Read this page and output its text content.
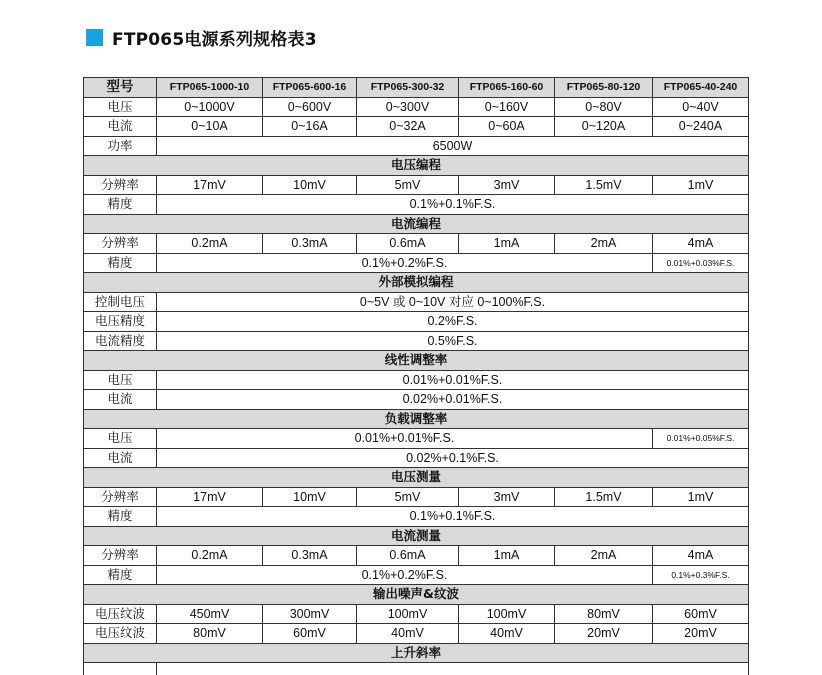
FTP065电源系列规格表3
型号	FTP065-1000-10	FTP065-600-16	FTP065-300-32	FTP065-160-60	FTP065-80-120	FTP065-40-240
电压	0~1000V	0~600V	0~300V	0~160V	0~80V	0~40V
电流	0~10A	0~16A	0~32A	0~60A	0~120A	0~240A
功率	6500W					
电压编程						
分辨率	17mV	10mV	5mV	3mV	1.5mV	1mV
精度	0.1%+0.1%F.S.					
电流编程						
分辨率	0.2mA	0.3mA	0.6mA	1mA	2mA	4mA
精度	0.1%+0.2%F.S.					0.01%+0.03%F.S.
外部模拟编程						
控制电压	0~5V 或 0~10V 对应 0~100%F.S.					
电压精度	0.2%F.S.					
电流精度	0.5%F.S.					
线性调整率						
电压	0.01%+0.01%F.S.					
电流	0.02%+0.01%F.S.					
负载调整率						
电压	0.01%+0.01%F.S.					0.01%+0.05%F.S.
电流	0.02%+0.1%F.S.					
电压测量						
分辨率	17mV	10mV	5mV	3mV	1.5mV	1mV
精度	0.1%+0.1%F.S.					
电流测量						
分辨率	0.2mA	0.3mA	0.6mA	1mA	2mA	4mA
精度	0.1%+0.2%F.S.					0.1%+0.3%F.S.
输出噪声&纹波						
电压纹波	450mV	300mV	100mV	100mV	80mV	60mV
电压纹波	80mV	60mV	40mV	40mV	20mV	20mV
上升斜率						
